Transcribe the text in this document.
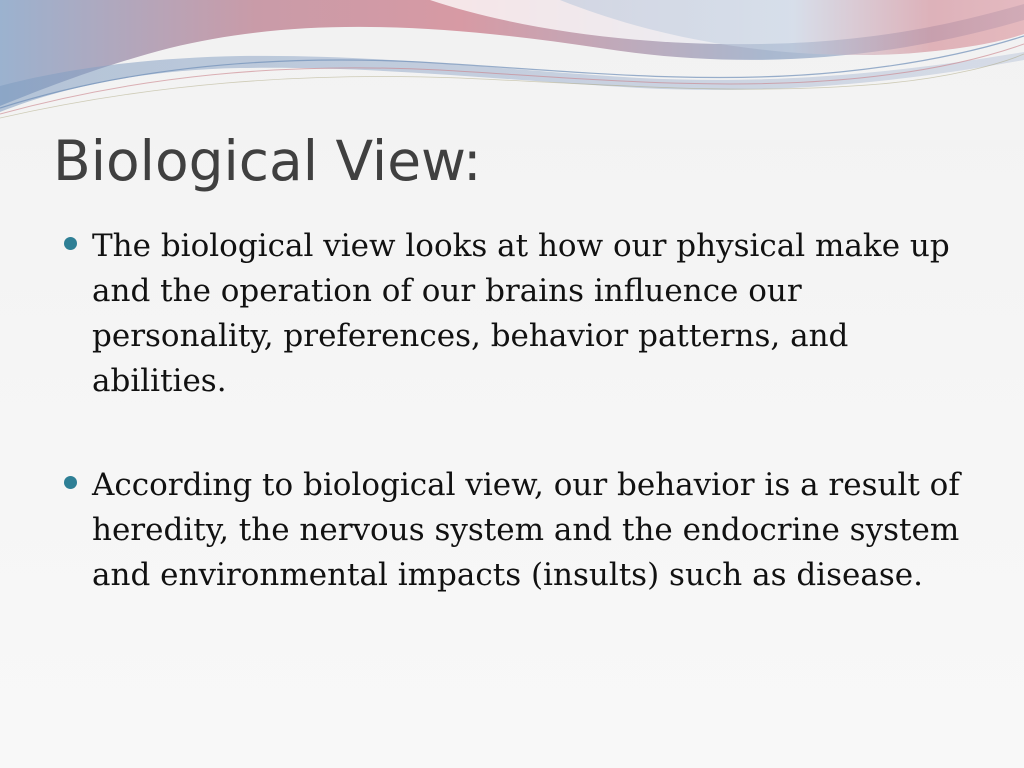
Biological View:
The biological view looks at how our physical make up and the operation of our brains influence our personality, preferences, behavior patterns, and abilities.
According to biological view, our behavior is a result of heredity, the nervous system and the endocrine system and environmental impacts (insults) such as disease.
